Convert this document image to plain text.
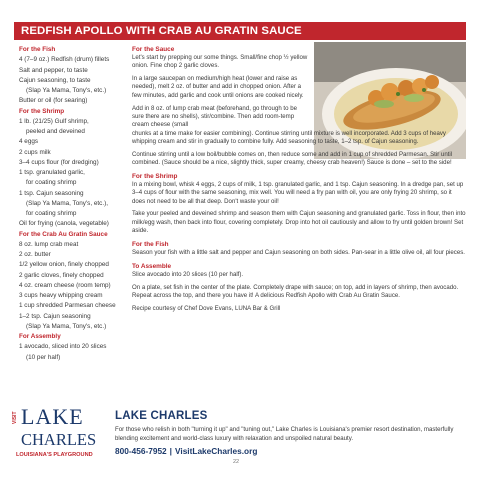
REDFISH APOLLO WITH CRAB AU GRATIN SAUCE
For the Fish
4 (7–9 oz.) Redfish (drum) fillets
Salt and pepper, to taste
Cajun seasoning, to taste
(Slap Ya Mama, Tony's, etc.)
Butter or oil (for searing)
For the Shrimp
1 lb. (21/25) Gulf shrimp,
peeled and deveined
4 eggs
2 cups milk
3–4 cups flour (for dredging)
1 tsp. granulated garlic,
for coating shrimp
1 tsp. Cajun seasoning
(Slap Ya Mama, Tony's, etc.),
for coating shrimp
Oil for frying (canola, vegetable)
For the Crab Au Gratin Sauce
8 oz. lump crab meat
2 oz. butter
1/2 yellow onion, finely chopped
2 garlic cloves, finely chopped
4 oz. cream cheese (room temp)
3 cups heavy whipping cream
1 cup shredded Parmesan cheese
1–2 tsp. Cajun seasoning
(Slap Ya Mama, Tony's, etc.)
For Assembly
1 avocado, sliced into 20 slices
(10 per half)
For the Sauce

Let's start by prepping our some things. Small/fine chop ½ yellow onion. Fine chop 2 garlic cloves.

In a large saucepan on medium/high heat (lower and raise as needed), melt 2 oz. of butter and add in chopped onion. After a few minutes, add garlic and cook until onions are cooked nicely.

Add in 8 oz. of lump crab meat (beforehand, go through to be sure there are no shells), stir/combine. Then add room-temp cream cheese (small

chunks at a time make for easier combining). Continue stirring until mixture is well incorporated. Add 3 cups of heavy whipping cream and stir in gradually to combine fully. Add seasoning to taste, 1–2 tsp. of Cajun seasoning.

Continue stirring until a low boil/bubble comes on, then reduce some and add in 1 cup of shredded Parmesan. Stir until combined. (Sauce should be a nice, slightly thick, super creamy, cheesy crab heaven!) Sauce is done – set to the side!

For the Shrimp

In a mixing bowl, whisk 4 eggs, 2 cups of milk, 1 tsp. granulated garlic, and 1 tsp. Cajun seasoning. In a dredge pan, set up 3–4 cups of flour with the same seasoning, mix well. You will need a fry pan with oil, you are only frying 20 shrimp, so it does not need to be all that deep. Don't waste your oil!

Take your peeled and deveined shrimp and season them with Cajun seasoning and granulated garlic. Toss in flour, then into milk/egg wash, then back into flour, covering completely. Drop into hot oil cautiously and allow to fry until golden brown! Set aside.

For the Fish

Season your fish with a little salt and pepper and Cajun seasoning on both sides. Pan-sear in a little olive oil, all four pieces.

To Assemble

Slice avocado into 20 slices (10 per half).

On a plate, set fish in the center of the plate. Completely drape with sauce; on top, add in layers of shrimp, then avocado. Repeat across the top, and there you have it! A delicious Redfish Apollo with Crab Au Gratin Sauce.

Recipe courtesy of Chef Dove Evans, LUNA Bar & Grill

VISIT LAKE
CHARLES
LOUISIANA'S PLAYGROUND
LAKE CHARLES
For those who relish in both "turning it up" and "tuning out," Lake Charles is Louisiana's premier resort destination, masterfully blending excitement and world-class luxury with relaxation and unspoiled natural beauty.
800-456-7952 | VisitLakeCharles.org
22
